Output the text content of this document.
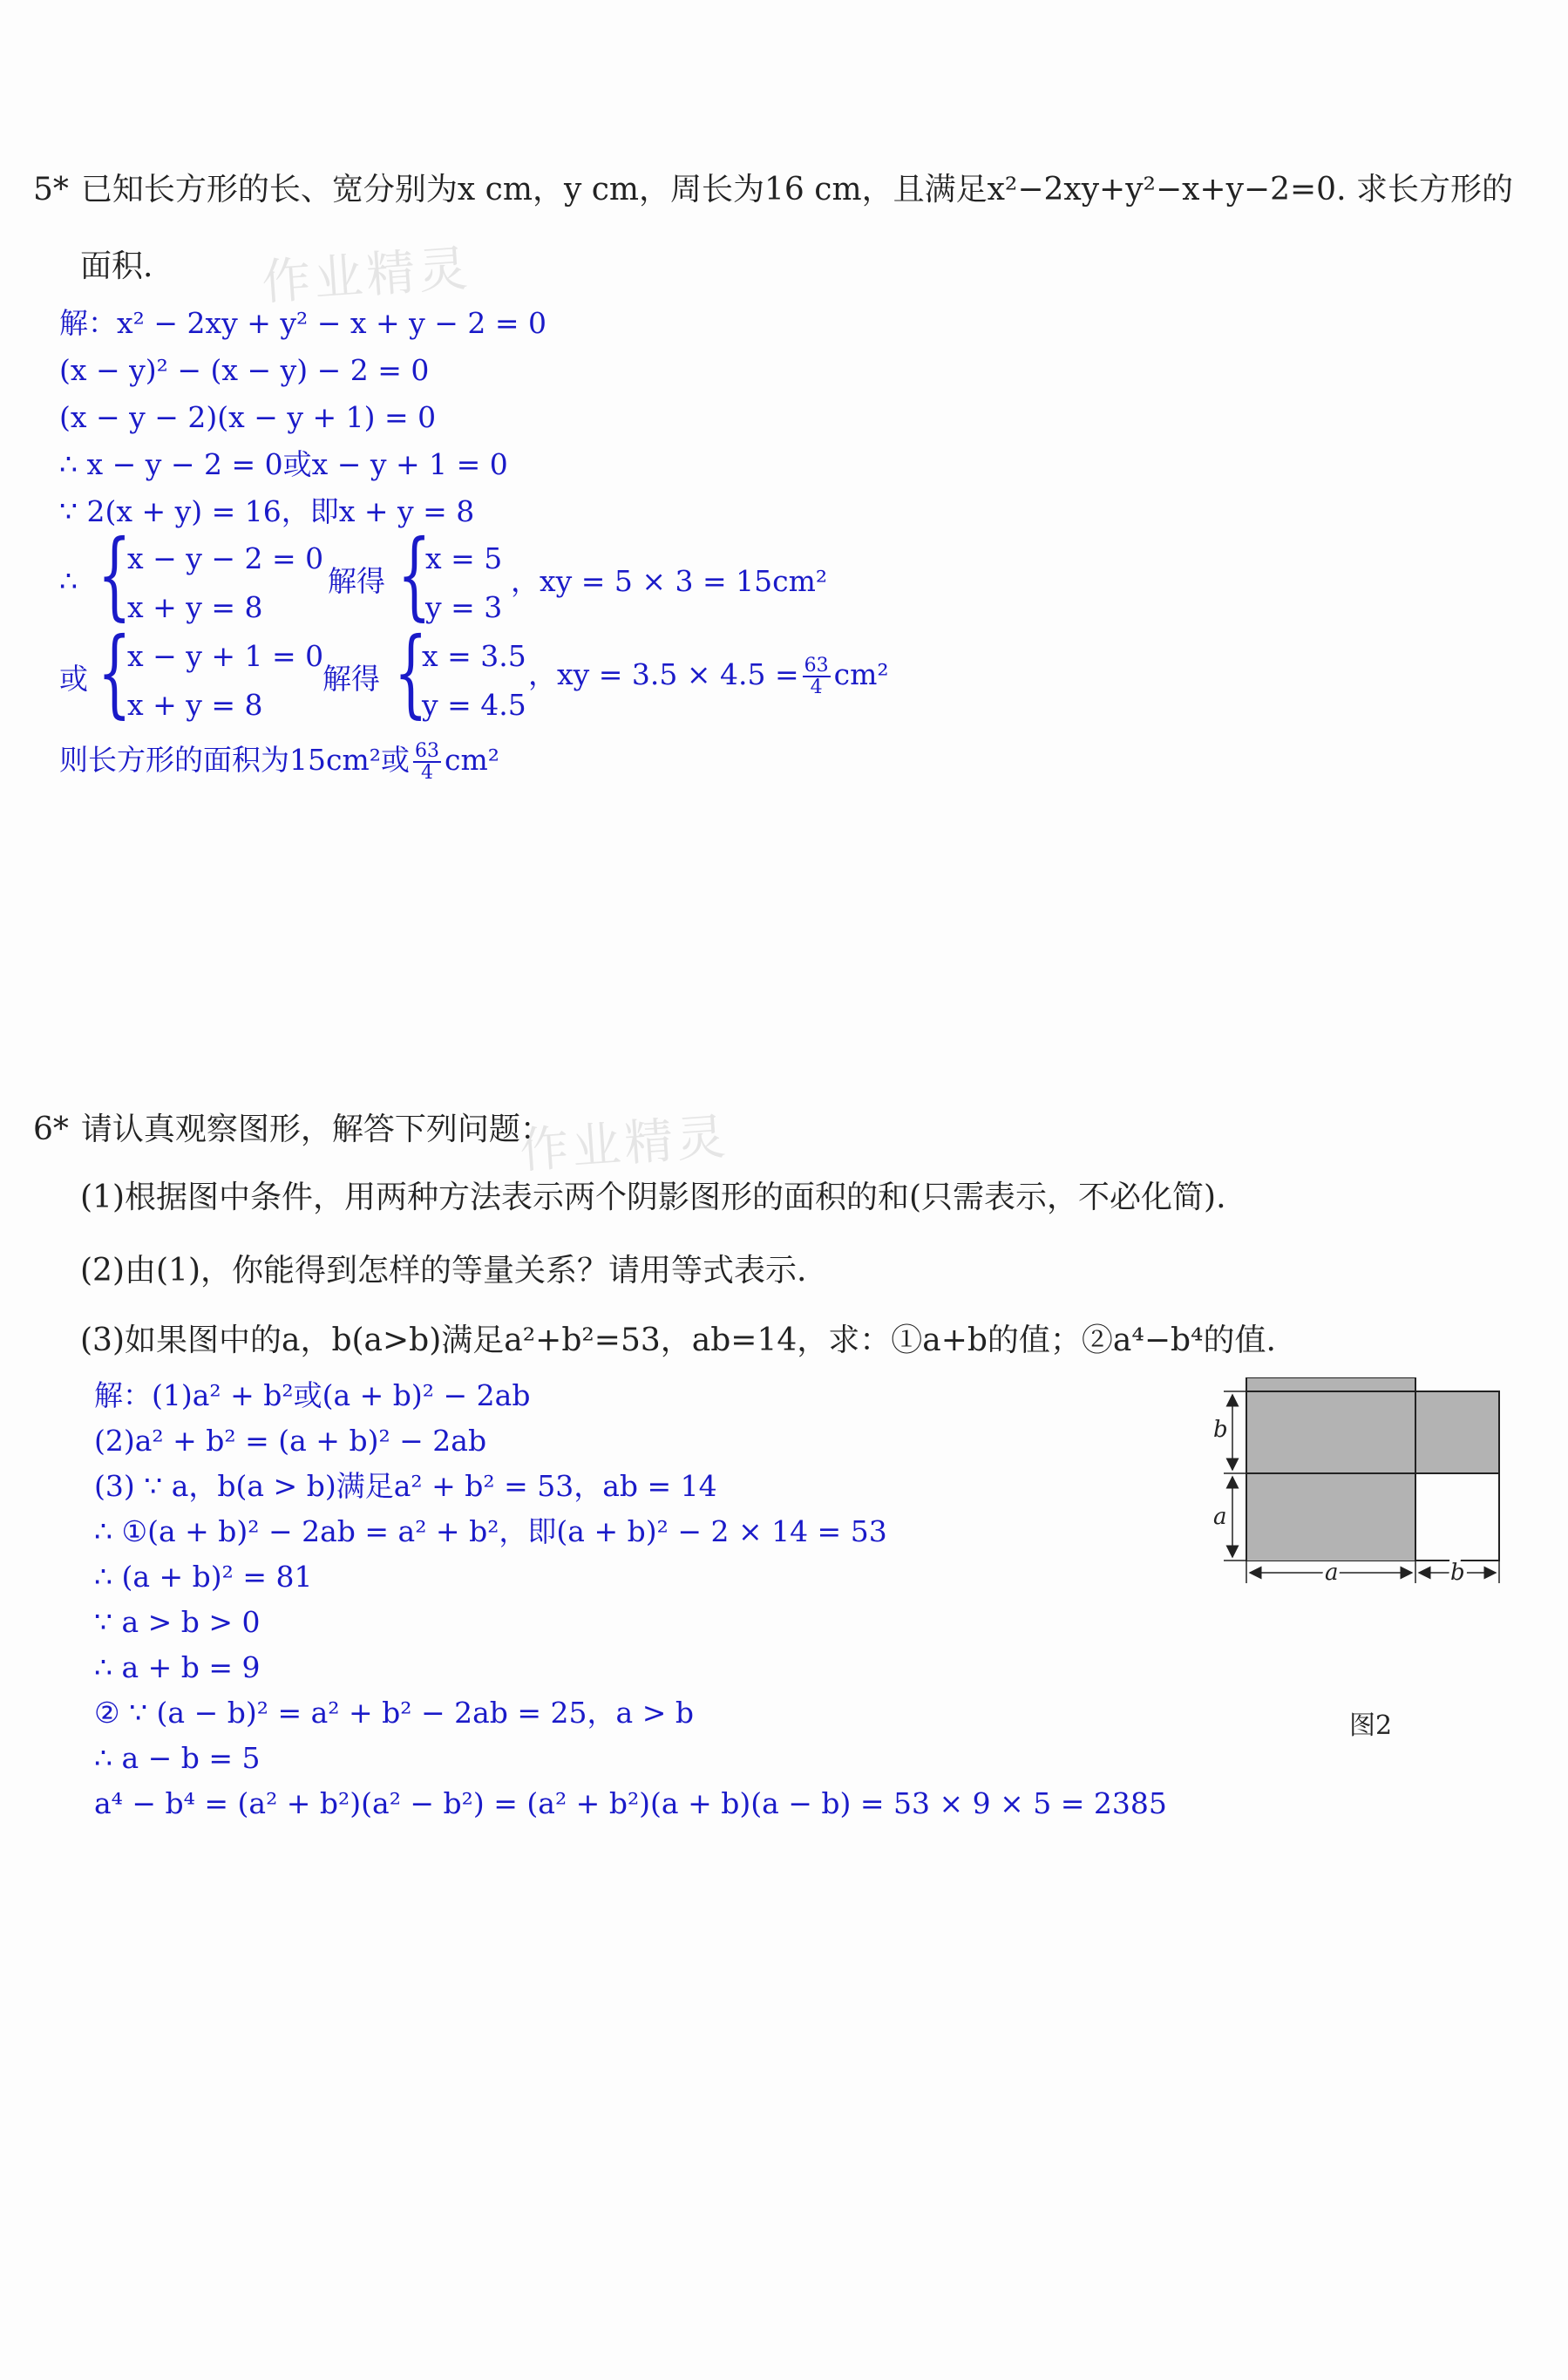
作业精灵
作业精灵
5* 已知长方形的长、宽分别为x cm，y cm，周长为16 cm，且满足x²−2xy+y²−x+y−2=0. 求长方形的
面积.
解：x² − 2xy + y² − x + y − 2 = 0
(x − y)² − (x − y) − 2 = 0
(x − y − 2)(x − y + 1) = 0
∴ x − y − 2 = 0或x − y + 1 = 0
∵ 2(x + y) = 16，即x + y = 8
∴ {
x − y − 2 = 0
x + y = 8
解得 {
x = 5
y = 3
，xy = 5 × 3 = 15cm²
或 {
x − y + 1 = 0
x + y = 8
解得 {
x = 3.5
y = 4.5
，xy = $3.5 \times 4.5 = \frac{63}{4} cm^2$
则长方形的面积为15cm²或 $\frac{63}{4} cm^2$
6* 请认真观察图形，解答下列问题：
(1)根据图中条件，用两种方法表示两个阴影图形的面积的和(只需表示，不必化简).
(2)由(1)，你能得到怎样的等量关系？请用等式表示.
(3)如果图中的a，b(a>b)满足a²+b²=53，ab=14，求：①a+b的值；②a⁴−b⁴的值.
解：(1)a² + b²或(a + b)² − 2ab
(2)a² + b² = (a + b)² − 2ab
(3) ∵ a，b(a > b)满足a² + b² = 53，ab = 14
∴ ①(a + b)² − 2ab = a² + b²，即(a + b)² − 2 × 14 = 53
∴ (a + b)² = 81
∵ a > b > 0
∴ a + b = 9
② ∵ (a − b)² = a² + b² − 2ab = 25，a > b
∴ a − b = 5
a⁴ − b⁴ = (a² + b²)(a² − b²) = (a² + b²)(a + b)(a − b) = 53 × 9 × 5 = 2385
b
a
a	b
图2
